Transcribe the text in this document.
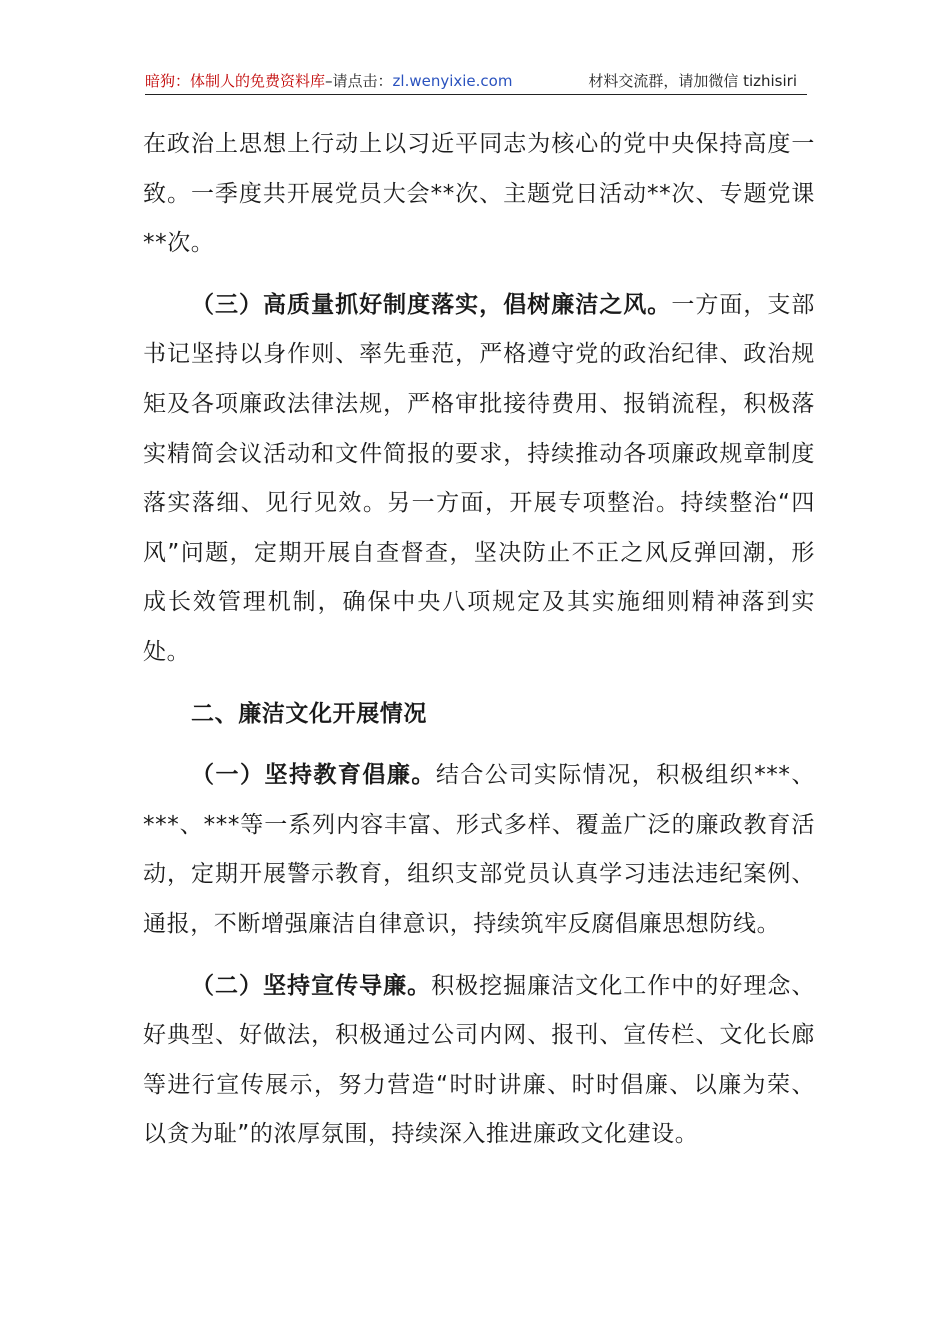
暗狗：体制人的免费资料库–请点击：zl.wenyixie.com	材料交流群，请加微信 tizhisiri

在政治上思想上行动上以习近平同志为核心的党中央保持高度一致。一季度共开展党员大会**次、主题党日活动**次、专题党课**次。

（三）高质量抓好制度落实，倡树廉洁之风。一方面，支部书记坚持以身作则、率先垂范，严格遵守党的政治纪律、政治规矩及各项廉政法律法规，严格审批接待费用、报销流程，积极落实精简会议活动和文件简报的要求，持续推动各项廉政规章制度落实落细、见行见效。另一方面，开展专项整治。持续整治“四风”问题，定期开展自查督查，坚决防止不正之风反弹回潮，形成长效管理机制，确保中央八项规定及其实施细则精神落到实处。

二、廉洁文化开展情况

（一）坚持教育倡廉。结合公司实际情况，积极组织***、***、***等一系列内容丰富、形式多样、覆盖广泛的廉政教育活动，定期开展警示教育，组织支部党员认真学习违法违纪案例、通报，不断增强廉洁自律意识，持续筑牢反腐倡廉思想防线。

（二）坚持宣传导廉。积极挖掘廉洁文化工作中的好理念、好典型、好做法，积极通过公司内网、报刊、宣传栏、文化长廊等进行宣传展示，努力营造“时时讲廉、时时倡廉、以廉为荣、以贪为耻”的浓厚氛围，持续深入推进廉政文化建设。
